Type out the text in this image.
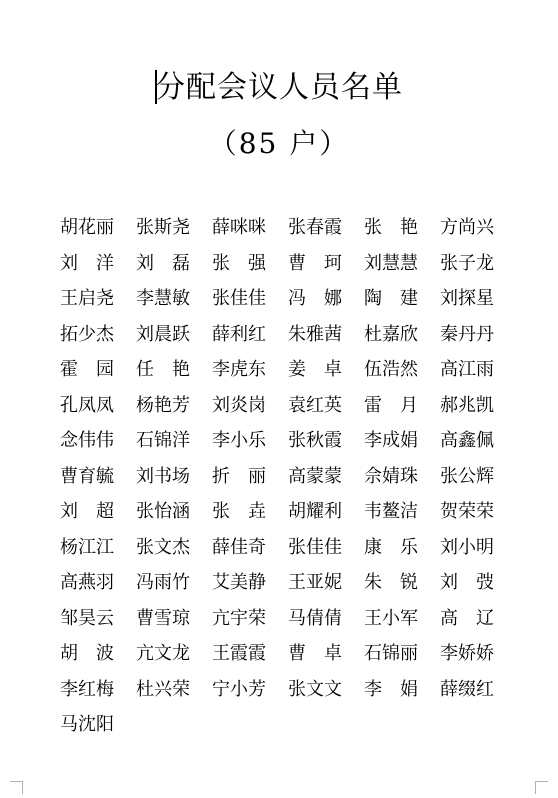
分配会议人员名单
（85 户）
胡花丽	张斯尧	薛咪咪	张春霞	张　艳	方尚兴
刘　洋	刘　磊	张　强	曹　珂	刘慧慧	张子龙
王启尧	李慧敏	张佳佳	冯　娜	陶　建	刘探星
拓少杰	刘晨跃	薛利红	朱雅茜	杜嘉欣	秦丹丹
霍　园	任　艳	李虎东	姜　卓	伍浩然	高江雨
孔凤凤	杨艳芳	刘炎岗	袁红英	雷　月	郝兆凯
念伟伟	石锦洋	李小乐	张秋霞	李成娟	高鑫佩
曹育毓	刘书场	折　丽	高蒙蒙	佘婧珠	张公辉
刘　超	张怡涵	张　垚	胡耀利	韦鳌洁	贺荣荣
杨江江	张文杰	薛佳奇	张佳佳	康　乐	刘小明
高燕羽	冯雨竹	艾美静	王亚妮	朱　锐	刘　弢
邹昊云	曹雪琼	亢宇荣	马倩倩	王小军	高　辽
胡　波	亢文龙	王霞霞	曹　卓	石锦丽	李娇娇
李红梅	杜兴荣	宁小芳	张文文	李　娟	薛缀红
马沈阳
